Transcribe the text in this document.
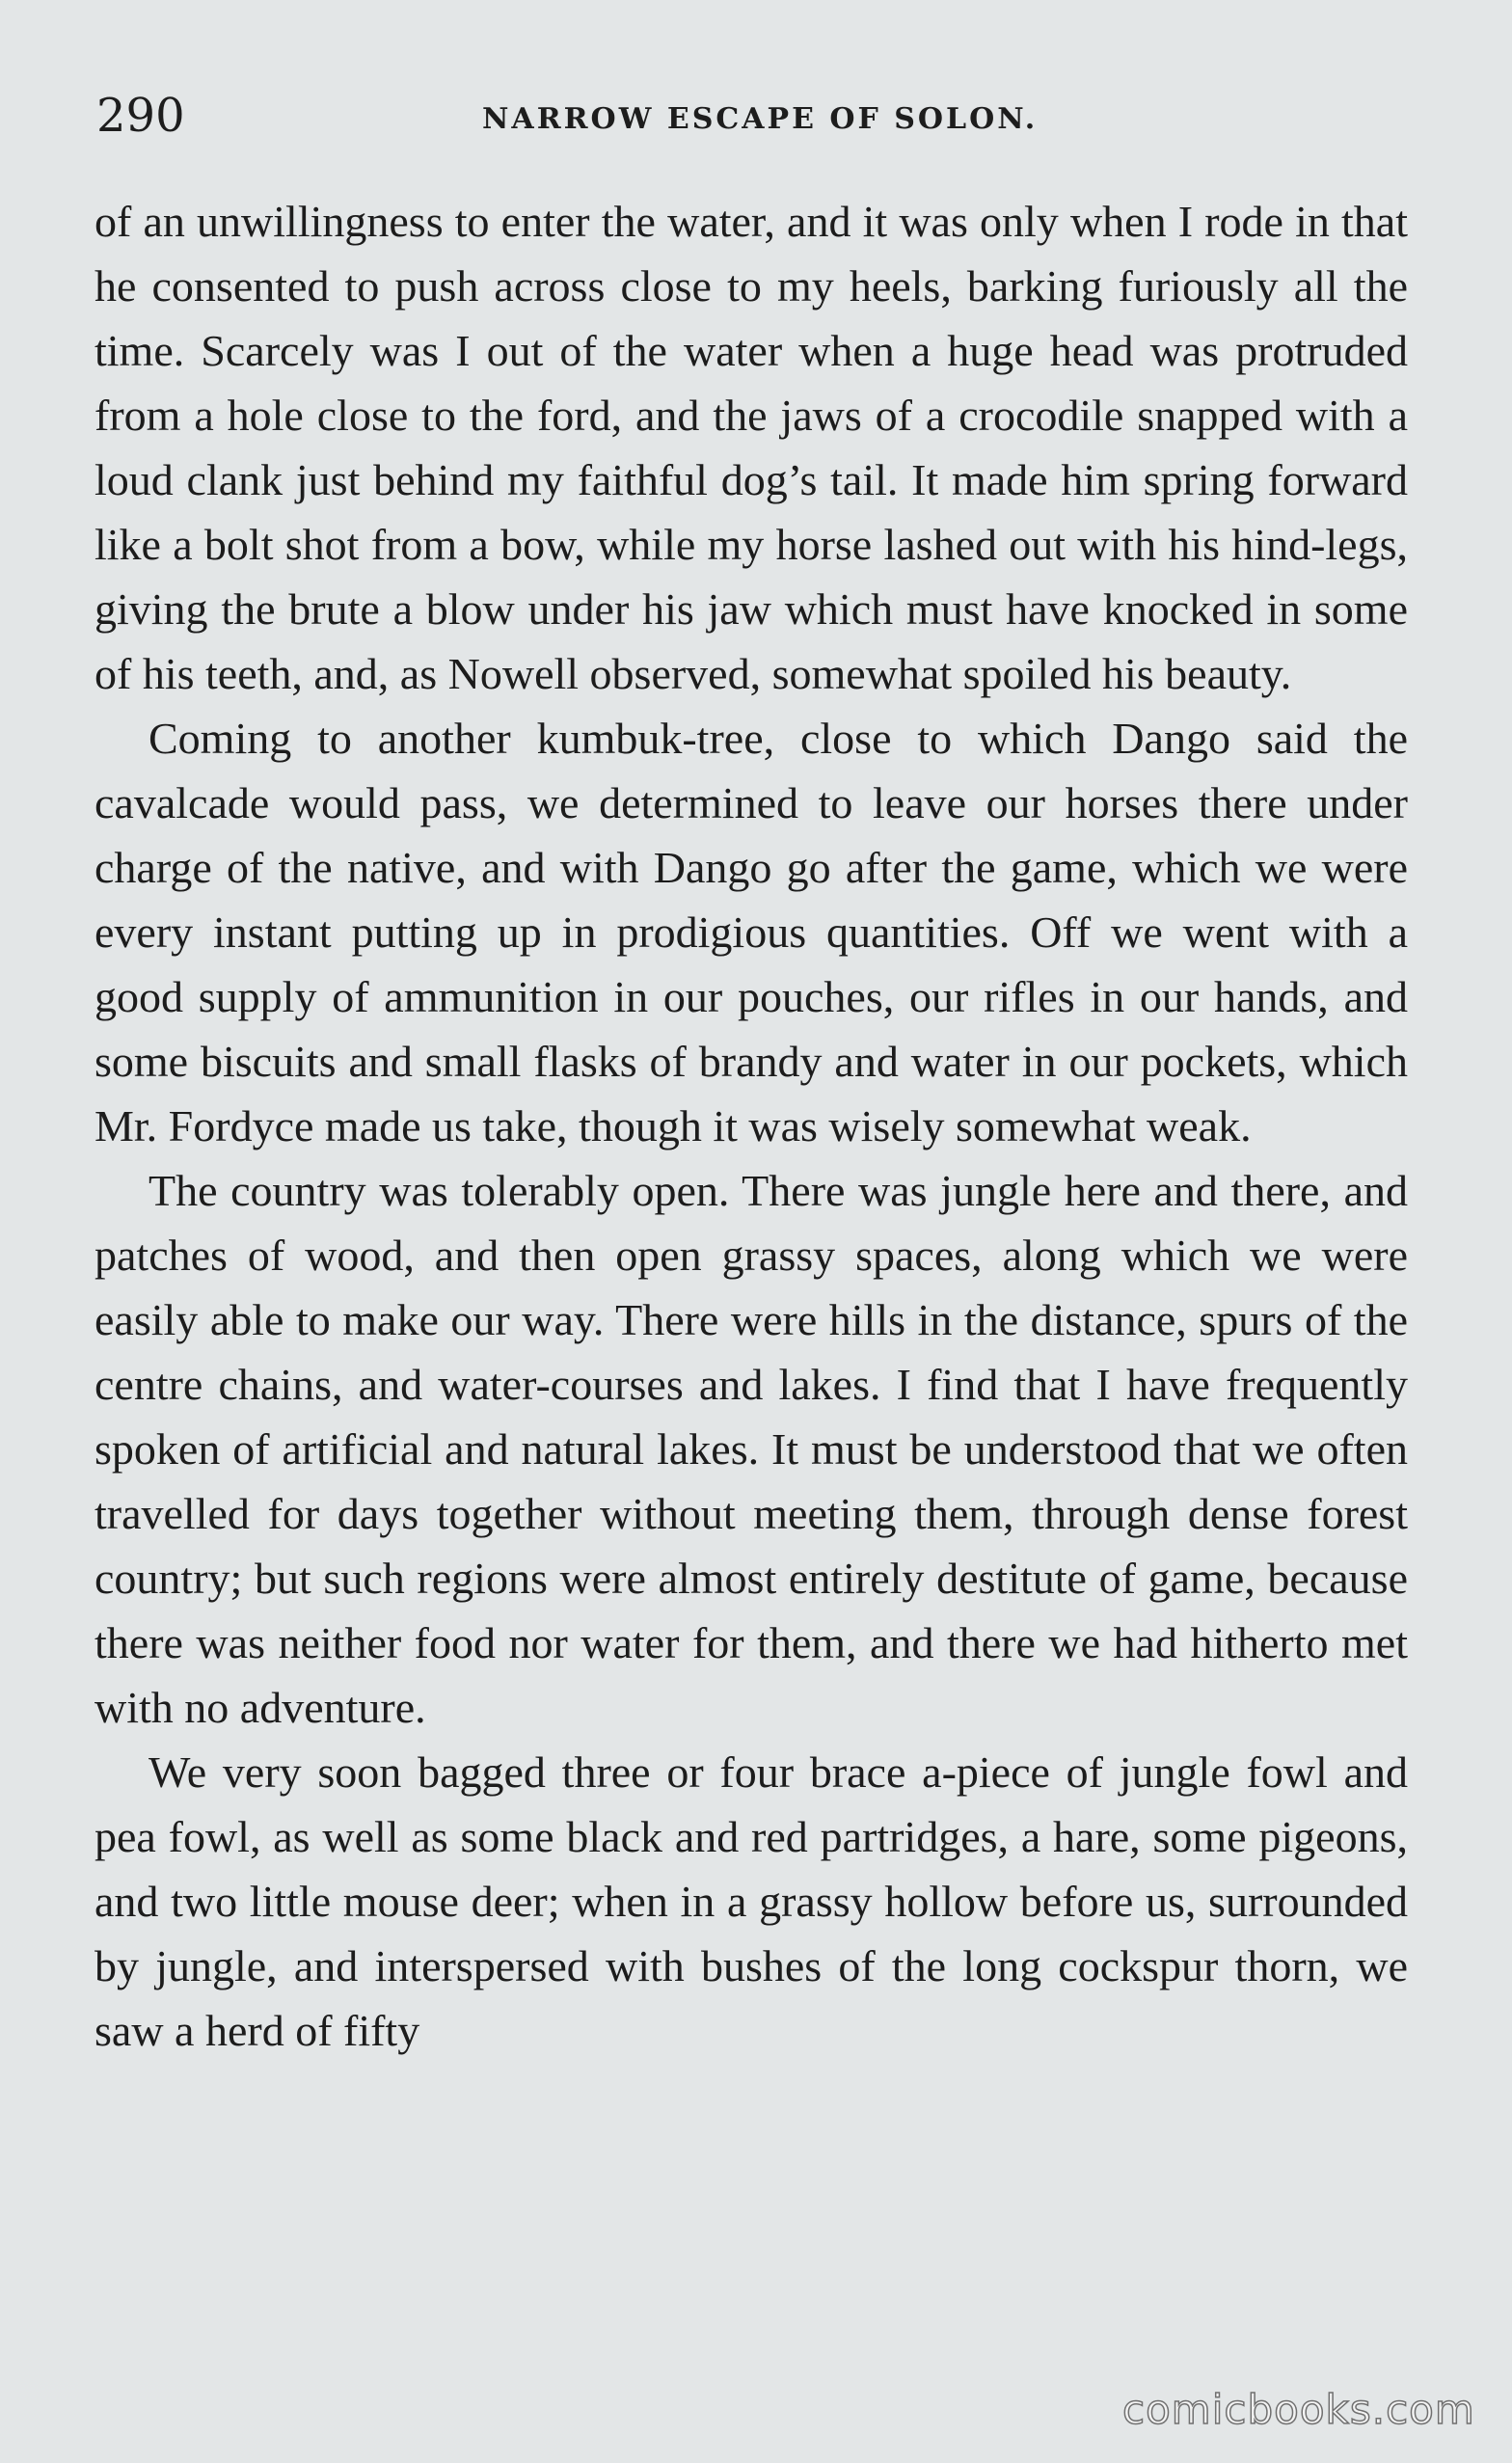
290	NARROW ESCAPE OF SOLON.

of an unwillingness to enter the water, and it was only when I rode in that he consented to push across close to my heels, barking furiously all the time. Scarcely was I out of the water when a huge head was protruded from a hole close to the ford, and the jaws of a crocodile snapped with a loud clank just behind my faithful dog’s tail. It made him spring forward like a bolt shot from a bow, while my horse lashed out with his hind-legs, giving the brute a blow under his jaw which must have knocked in some of his teeth, and, as Nowell observed, somewhat spoiled his beauty.

Coming to another kumbuk-tree, close to which Dango said the cavalcade would pass, we determined to leave our horses there under charge of the native, and with Dango go after the game, which we were every instant putting up in prodigious quantities. Off we went with a good supply of ammunition in our pouches, our rifles in our hands, and some biscuits and small flasks of brandy and water in our pockets, which Mr. Fordyce made us take, though it was wisely somewhat weak.

The country was tolerably open. There was jungle here and there, and patches of wood, and then open grassy spaces, along which we were easily able to make our way. There were hills in the distance, spurs of the centre chains, and water-courses and lakes. I find that I have frequently spoken of artificial and natural lakes. It must be understood that we often travelled for days together without meeting them, through dense forest country; but such regions were almost entirely destitute of game, because there was neither food nor water for them, and there we had hitherto met with no adventure.

We very soon bagged three or four brace a-piece of jungle fowl and pea fowl, as well as some black and red partridges, a hare, some pigeons, and two little mouse deer; when in a grassy hollow before us, surrounded by jungle, and interspersed with bushes of the long cockspur thorn, we saw a herd of fifty

comicbooks.com
